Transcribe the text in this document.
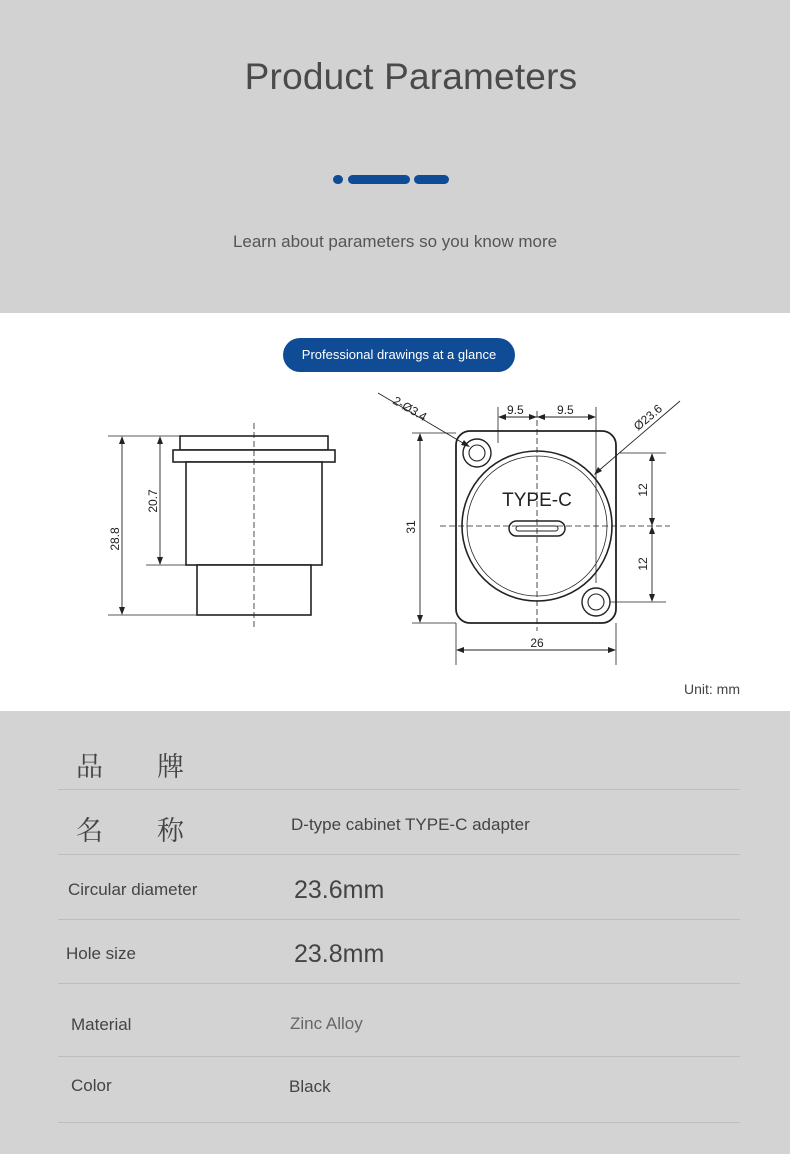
Product Parameters
Learn about parameters so you know more
Professional drawings at a glance
28.8
20.7
9.5	9.5
2-Ø3.4	Ø23.6
31
26
12
12
TYPE-C
Unit: mm
品　　牌
名　　称	D-type cabinet TYPE-C adapter
Circular diameter	23.6mm
Hole size	23.8mm
Material	Zinc Alloy
Color	Black
